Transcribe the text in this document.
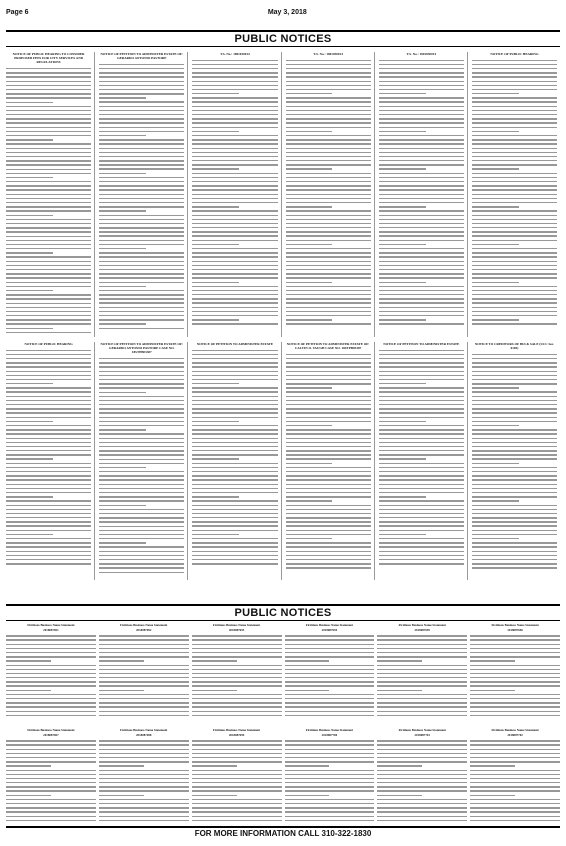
Page 6	May 3, 2018
PUBLIC NOTICES
NOTICE OF PUBLIC HEARING TO CONSIDER PROPOSED FEES FOR CITY SERVICES AND REGULATIONS
NOTICE OF PETITION TO ADMINISTER ESTATE OF: GERARDO ANTONIO PASTORE
T.S. No.: 1801030014	T.S. No.: 1801030014	T.S. No.: 1801030014	NOTICE OF PUBLIC HEARING
NOTICE OF PUBLIC HEARING	NOTICE OF PETITION TO ADMINISTER ESTATE OF: GERARDO ANTONIO PASTORE CASE NO. 18STPB03387
NOTICE OF PETITION TO ADMINISTER ESTATE	NOTICE OF PETITION TO ADMINISTER ESTATE OF: CALVIN O. VAUGH CASE NO. 18STPB03387
NOTICE OF PETITION TO ADMINISTER ESTATE	NOTICE TO CREDITORS OF BULK SALE (UCC Sec. 6105)
PUBLIC NOTICES
Fictitious Business Name Statement
2018087691
Fictitious Business Name Statement
2018087692
Fictitious Business Name Statement
2018087693
Fictitious Business Name Statement
2018087694
Fictitious Business Name Statement
2018087695
Fictitious Business Name Statement
2018087696
Fictitious Business Name Statement
2018087697
Fictitious Business Name Statement
2018087698
Fictitious Business Name Statement
2018087699
Fictitious Business Name Statement
2018087700
Fictitious Business Name Statement
2018087701
Fictitious Business Name Statement
2018087702
FOR MORE INFORMATION CALL 310-322-1830
